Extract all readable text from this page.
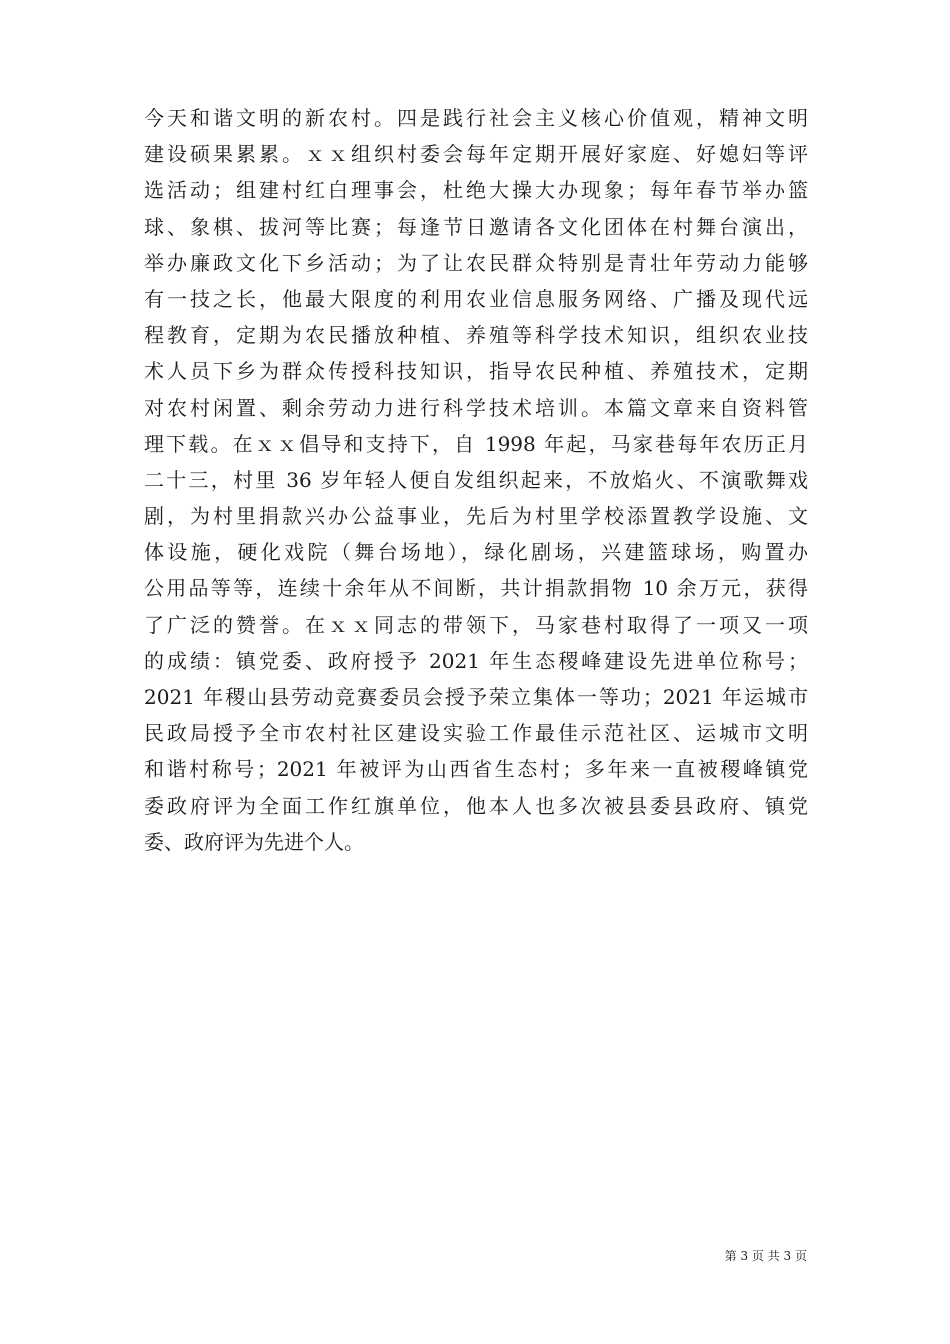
今天和谐文明的新农村。四是践行社会主义核心价值观，精神文明
建设硕果累累。ｘｘ组织村委会每年定期开展好家庭、好媳妇等评
选活动；组建村红白理事会，杜绝大操大办现象；每年春节举办篮
球、象棋、拔河等比赛；每逢节日邀请各文化团体在村舞台演出，
举办廉政文化下乡活动；为了让农民群众特别是青壮年劳动力能够
有一技之长，他最大限度的利用农业信息服务网络、广播及现代远
程教育，定期为农民播放种植、养殖等科学技术知识，组织农业技
术人员下乡为群众传授科技知识，指导农民种植、养殖技术，定期
对农村闲置、剩余劳动力进行科学技术培训。本篇文章来自资料管
理下载。在ｘｘ倡导和支持下，自 1998 年起，马家巷每年农历正月
二十三，村里 36 岁年轻人便自发组织起来，不放焰火、不演歌舞戏
剧，为村里捐款兴办公益事业，先后为村里学校添置教学设施、文
体设施，硬化戏院（舞台场地），绿化剧场，兴建篮球场，购置办
公用品等等，连续十余年从不间断，共计捐款捐物 10 余万元，获得
了广泛的赞誉。在ｘｘ同志的带领下，马家巷村取得了一项又一项
的成绩：镇党委、政府授予 2021 年生态稷峰建设先进单位称号；
2021 年稷山县劳动竞赛委员会授予荣立集体一等功；2021 年运城市
民政局授予全市农村社区建设实验工作最佳示范社区、运城市文明
和谐村称号；2021 年被评为山西省生态村；多年来一直被稷峰镇党
委政府评为全面工作红旗单位，他本人也多次被县委县政府、镇党
委、政府评为先进个人。
第 3 页 共 3 页
